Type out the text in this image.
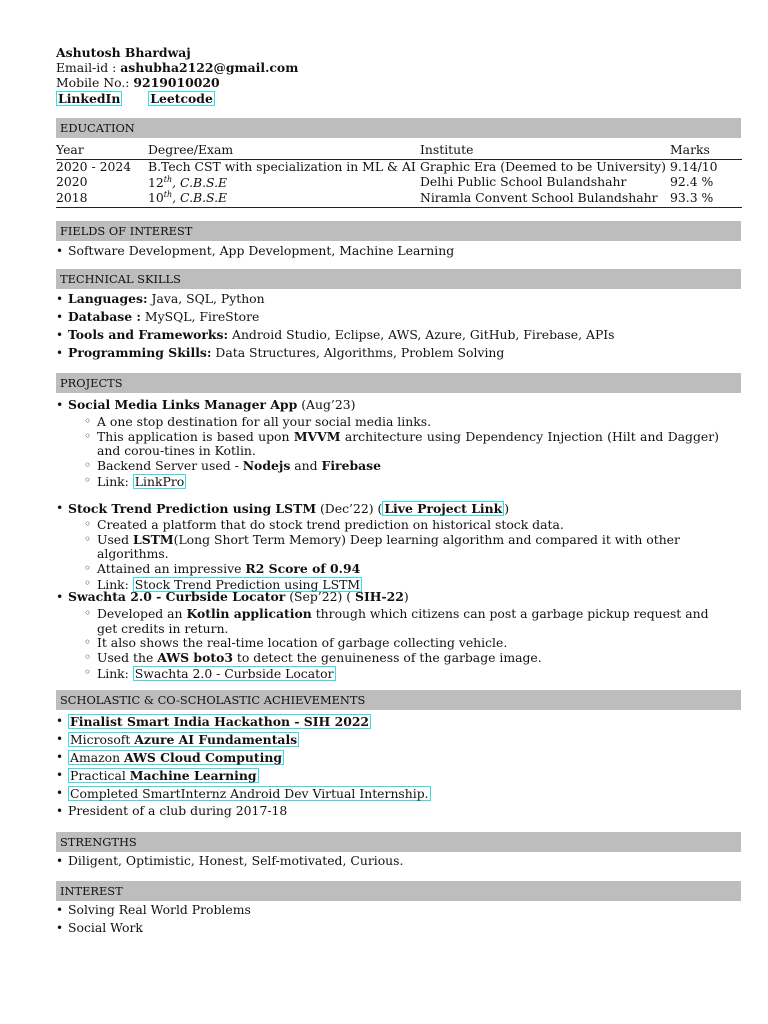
Ashutosh Bhardwaj
Email-id : ashubha2122@gmail.com
Mobile No.: 9219010020
LinkedIn Leetcode
EDUCATION
Year	Degree/Exam	Institute	Marks
2020 - 2024	B.Tech CST with specialization in ML & AI	Graphic Era (Deemed to be University)	9.14/10
2020	12th, C.B.S.E	Delhi Public School Bulandshahr	92.4 %
2018	10th, C.B.S.E	Niramla Convent School Bulandshahr	93.3 %
FIELDS OF INTEREST
• Software Development, App Development, Machine Learning
TECHNICAL SKILLS
• Languages: Java, SQL, Python
• Database : MySQL, FireStore
• Tools and Frameworks: Android Studio, Eclipse, AWS, Azure, GitHub, Firebase, APIs
• Programming Skills: Data Structures, Algorithms, Problem Solving
PROJECTS
• Social Media Links Manager App (Aug’23)
◦ A one stop destination for all your social media links.
◦ This application is based upon MVVM architecture using Dependency Injection (Hilt and Dagger) and corou-tines in Kotlin.
◦ Backend Server used - Nodejs and Firebase
◦ Link: LinkPro
• Stock Trend Prediction using LSTM (Dec’22) ( Live Project Link )
◦ Created a platform that do stock trend prediction on historical stock data.
◦ Used LSTM(Long Short Term Memory) Deep learning algorithm and compared it with other algorithms.
◦ Attained an impressive R2 Score of 0.94
◦ Link: Stock Trend Prediction using LSTM
• Swachta 2.0 - Curbside Locator (Sep’22) ( SIH-22)
◦ Developed an Kotlin application through which citizens can post a garbage pickup request and get credits in return.
◦ It also shows the real-time location of garbage collecting vehicle.
◦ Used the AWS boto3 to detect the genuineness of the garbage image.
◦ Link: Swachta 2.0 - Curbside Locator
SCHOLASTIC & CO-SCHOLASTIC ACHIEVEMENTS
• Finalist Smart India Hackathon - SIH 2022
• Microsoft Azure AI Fundamentals
• Amazon AWS Cloud Computing
• Practical Machine Learning
• Completed SmartInternz Android Dev Virtual Internship.
• President of a club during 2017-18
STRENGTHS
• Diligent, Optimistic, Honest, Self-motivated, Curious.
INTEREST
• Solving Real World Problems
• Social Work
